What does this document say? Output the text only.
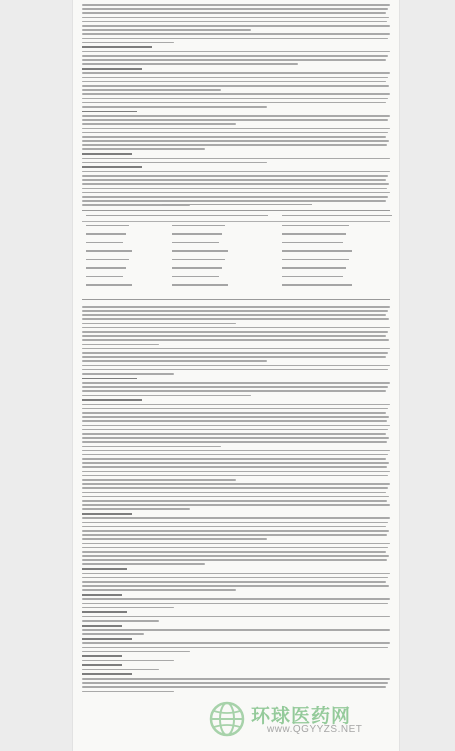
环球医药网
www.QGYYZS.NET
